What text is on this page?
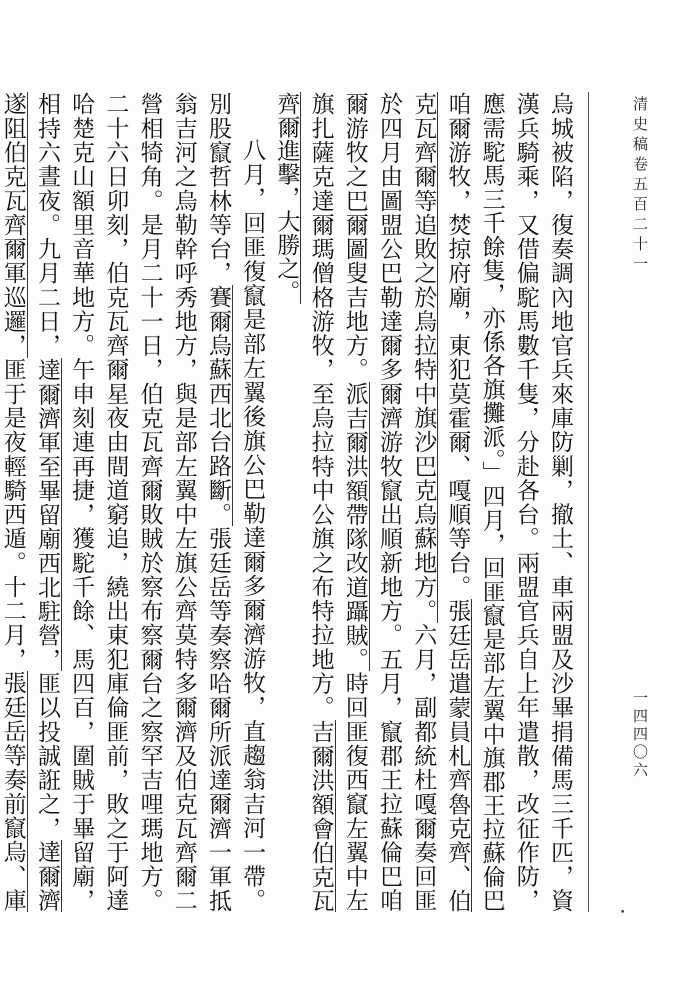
清史稿卷五百二十一
一四四〇六

烏城被陷，復奏調內地官兵來庫防剿，撤土、車兩盟及沙畢捐備馬三千匹，資漢兵騎乘，又借偏駝馬數千隻，分赴各台。兩盟官兵自上年遣散，改征作防，應需駝馬三千餘隻，亦係各旗攤派。」四月，回匪竄是部左翼中旗郡王拉蘇倫巴咱爾游牧，焚掠府廟，東犯莫霍爾、嘎順等台。張廷岳遣蒙員札齊魯克齊、伯克瓦齊爾等追敗之於烏拉特中旗沙巴克烏蘇地方。六月，副都統杜嘎爾奏回匪於四月由圖盟公巴勒達爾多爾濟游牧竄出順新地方。五月，竄郡王拉蘇倫巴咱爾游牧之巴爾圖叟吉地方。派吉爾洪額帶隊改道躡賊。時回匪復西竄左翼中左旗扎薩克達爾瑪僧格游牧，至烏拉特中公旗之布特拉地方。吉爾洪額會伯克瓦齊爾進擊，大勝之。

八月，回匪復竄是部左翼後旗公巴勒達爾多爾濟游牧，直趨翁吉河一帶。別股竄哲林等台，賽爾烏蘇西北台路斷。張廷岳等奏察哈爾所派達爾濟一軍抵翁吉河之烏勒幹呼秀地方，與是部左翼中左旗公齊莫特多爾濟及伯克瓦齊爾二營相犄角。是月二十一日，伯克瓦齊爾敗賊於察布察爾台之察罕吉哩瑪地方。二十六日卯刻，伯克瓦齊爾星夜由間道窮追，繞出東犯庫倫匪前，敗之于阿達哈楚克山額里音華地方。午申刻連再捷，獲駝千餘、馬四百，圍賊于畢留廟，相持六晝夜。九月二日，達爾濟軍至畢留廟西北駐營，匪以投誠誑之，達爾濟遂阻伯克瓦齊爾軍巡邏，匪于是夜輕騎西遁。十二月，張廷岳等奏前竄烏、庫

•
